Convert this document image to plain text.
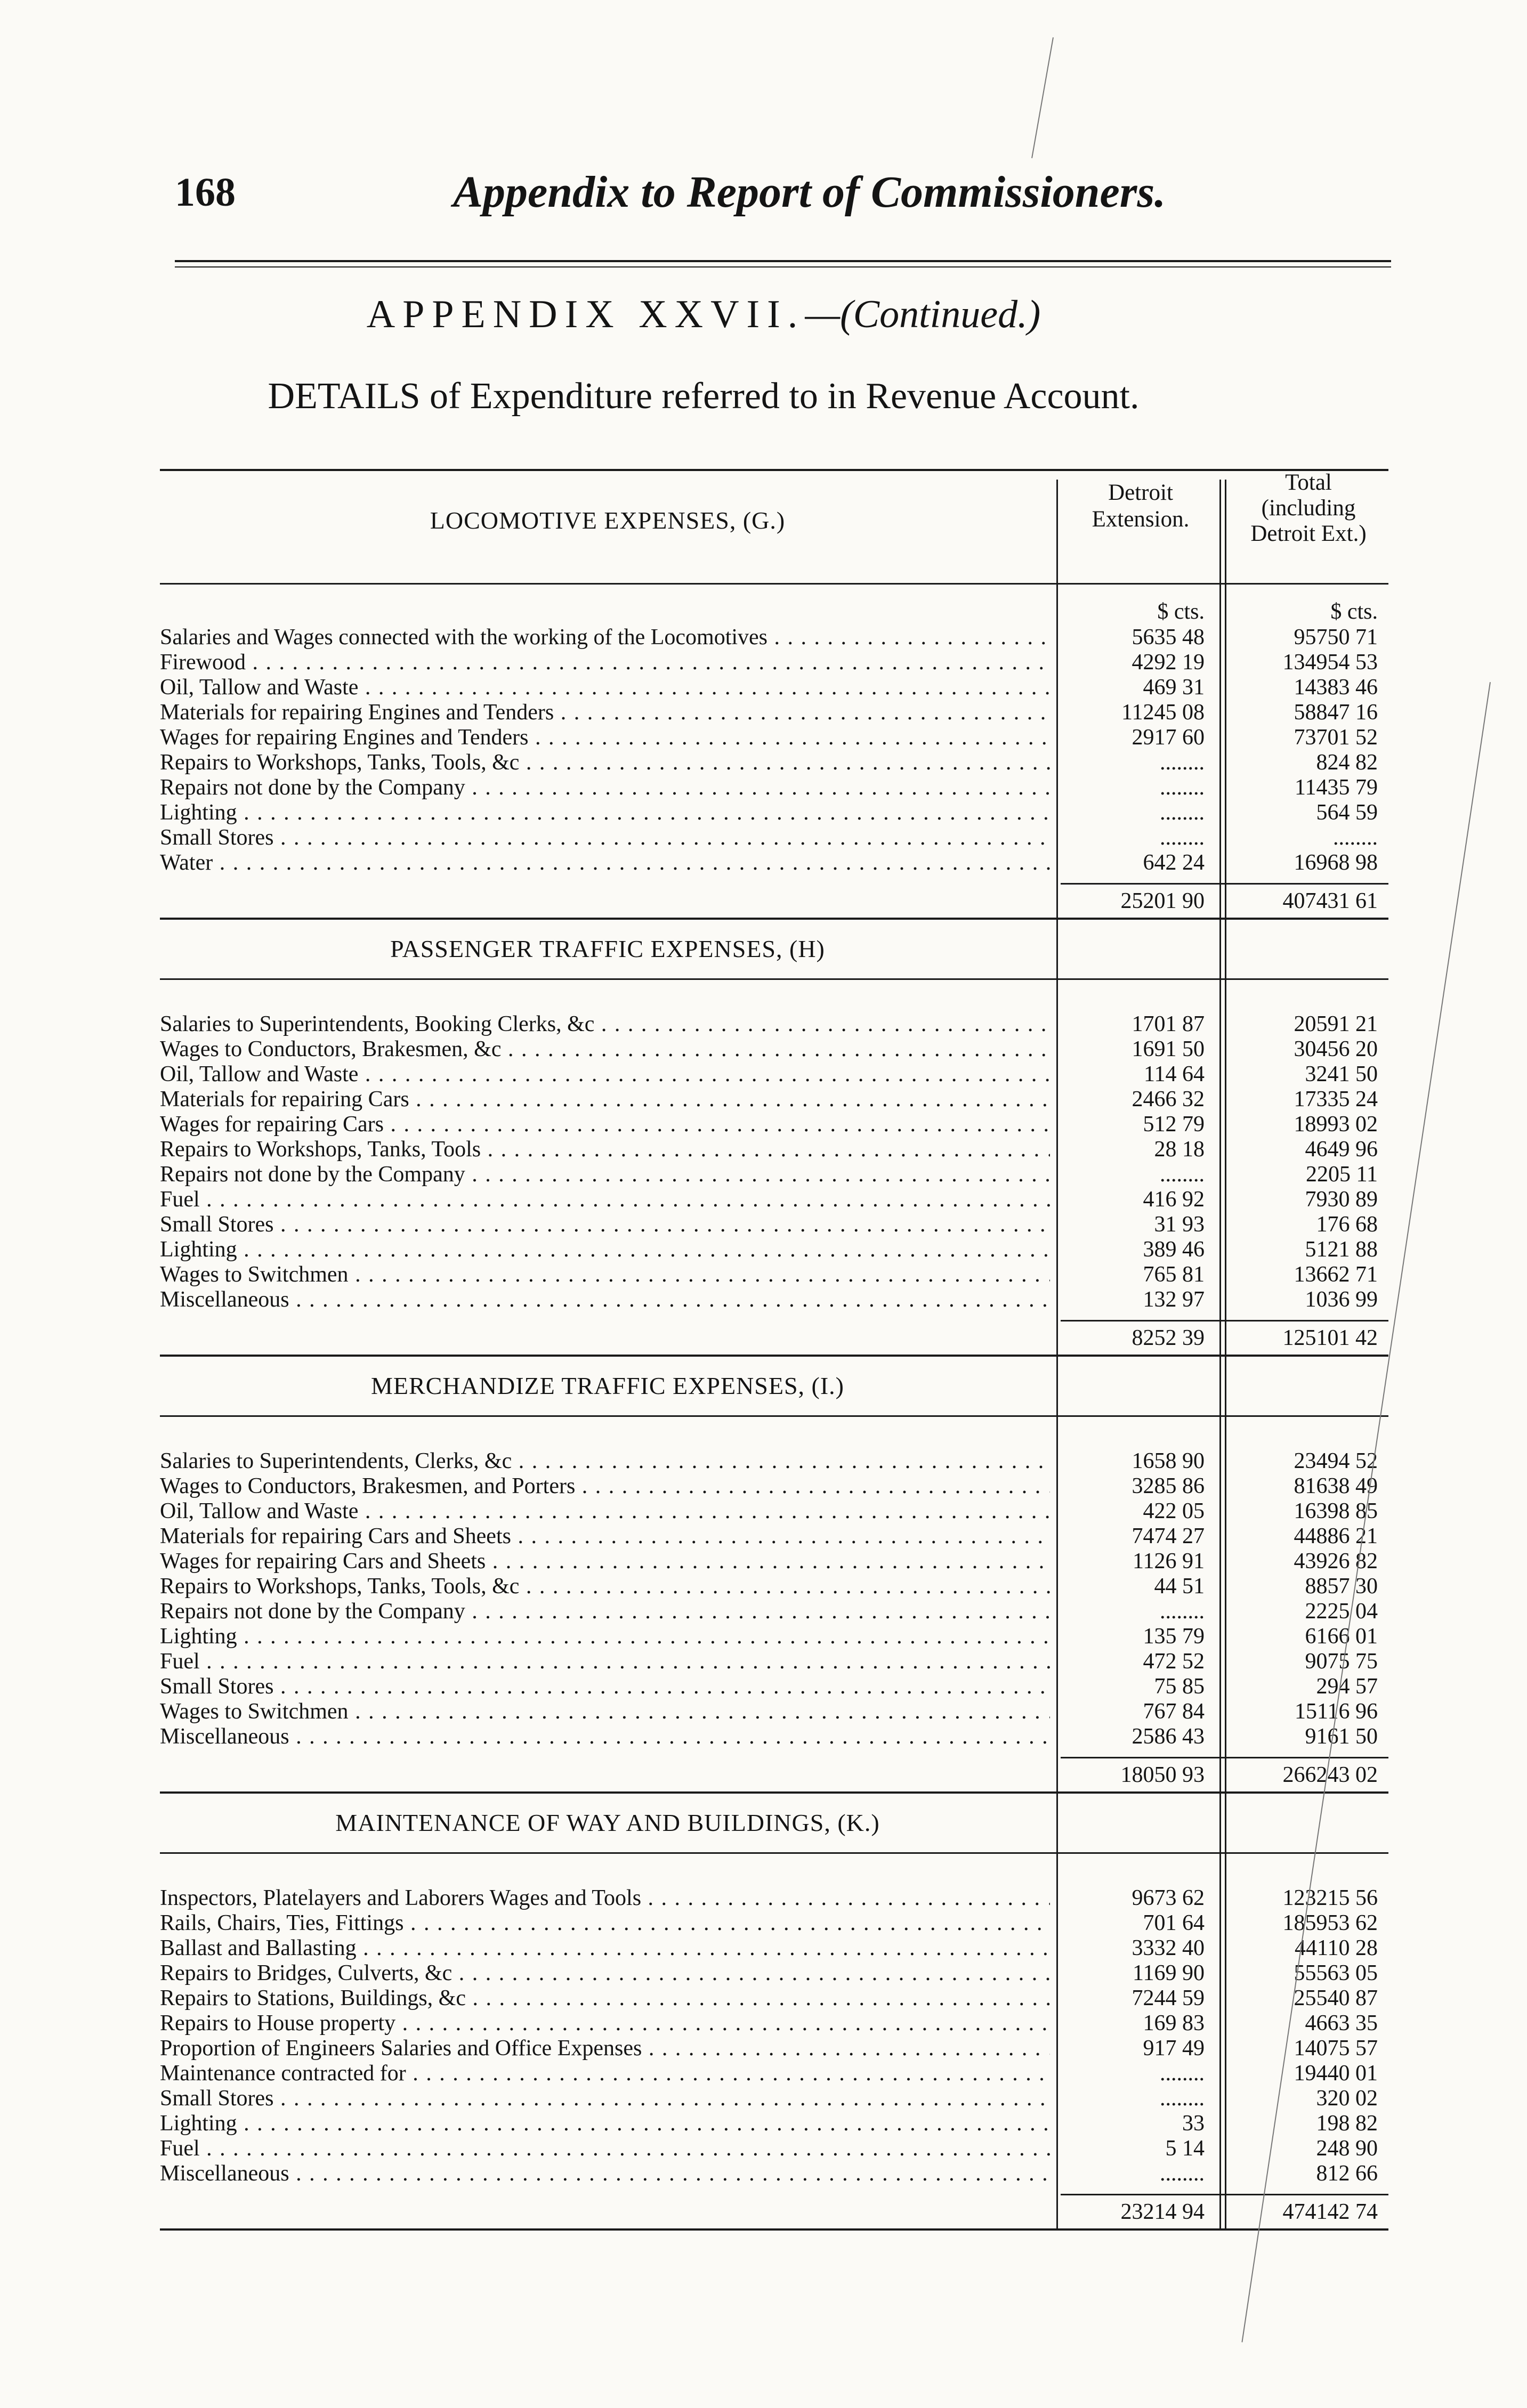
168	Appendix to Report of Commissioners.
APPENDIX XXVII.—(Continued.)
DETAILS of Expenditure referred to in Revenue Account.
LOCOMOTIVE EXPENSES, (G.)
Detroit
Extension.
Total
(including
Detroit Ext.)
$ cts.	$ cts.
Salaries and Wages connected with the working of the Locomotives . . .	5635 48	95750 71
Firewood . . .	4292 19	134954 53
Oil, Tallow and Waste . . .	469 31	14383 46
Materials for repairing Engines and Tenders . . .	11245 08	58847 16
Wages for repairing Engines and Tenders . . .	2917 60	73701 52
Repairs to Workshops, Tanks, Tools, &c . . .	........	824 82
Repairs not done by the Company . . .	........	11435 79
Lighting . . .	........	564 59
Small Stores . . .	........	........
Water . . .	642 24	16968 98
25201 90	407431 61
PASSENGER TRAFFIC EXPENSES, (H)
Salaries to Superintendents, Booking Clerks, &c . . .	1701 87	20591 21
Wages to Conductors, Brakesmen, &c . . .	1691 50	30456 20
Oil, Tallow and Waste . . .	114 64	3241 50
Materials for repairing Cars . . .	2466 32	17335 24
Wages for repairing Cars . . .	512 79	18993 02
Repairs to Workshops, Tanks, Tools . . .	28 18	4649 96
Repairs not done by the Company . . .	........	2205 11
Fuel . . .	416 92	7930 89
Small Stores . . .	31 93	176 68
Lighting . . .	389 46	5121 88
Wages to Switchmen . . .	765 81	13662 71
Miscellaneous . . .	132 97	1036 99
8252 39	125101 42
MERCHANDIZE TRAFFIC EXPENSES, (I.)
Salaries to Superintendents, Clerks, &c . . .	1658 90	23494 52
Wages to Conductors, Brakesmen, and Porters . . .	3285 86	81638 49
Oil, Tallow and Waste . . .	422 05	16398 85
Materials for repairing Cars and Sheets . . .	7474 27	44886 21
Wages for repairing Cars and Sheets . . .	1126 91	43926 82
Repairs to Workshops, Tanks, Tools, &c . . .	44 51	8857 30
Repairs not done by the Company . . .	........	2225 04
Lighting . . .	135 79	6166 01
Fuel . . .	472 52	9075 75
Small Stores . . .	75 85	294 57
Wages to Switchmen . . .	767 84	15116 96
Miscellaneous . . .	2586 43	9161 50
18050 93	266243 02
MAINTENANCE OF WAY AND BUILDINGS, (K.)
Inspectors, Platelayers and Laborers Wages and Tools . . .	9673 62	123215 56
Rails, Chairs, Ties, Fittings . . .	701 64	185953 62
Ballast and Ballasting . . .	3332 40	44110 28
Repairs to Bridges, Culverts, &c . . .	1169 90	55563 05
Repairs to Stations, Buildings, &c . . .	7244 59	25540 87
Repairs to House property . . .	169 83	4663 35
Proportion of Engineers Salaries and Office Expenses . . .	917 49	14075 57
Maintenance contracted for . . .	........	19440 01
Small Stores . . .	........	320 02
Lighting . . .	33	198 82
Fuel . . .	5 14	248 90
Miscellaneous . . .	........	812 66
23214 94	474142 74
